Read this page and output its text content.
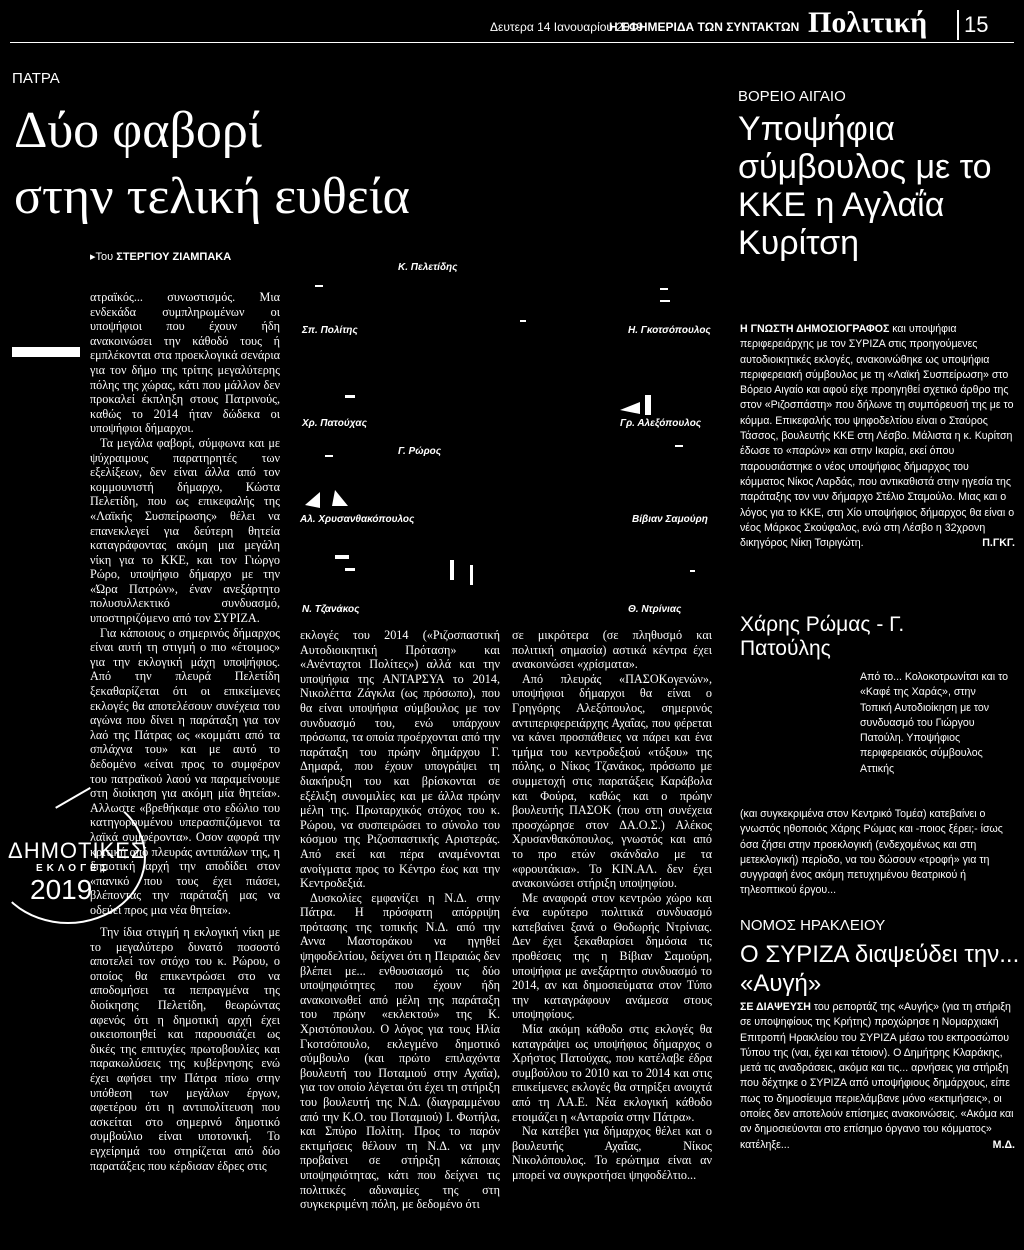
Δευτερα 14 Ιανουαρίου 2019
Η ΕΦΗΜΕΡΙΔΑ ΤΩΝ ΣΥΝΤΑΚΤΩΝ Πολιτική 15
ΠΑΤΡΑ
Δύο φαβορί
στην τελική ευθεία
▸Του ΣΤΕΡΓΙΟΥ ΖΙΑΜΠΑΚΑ

ατραϊκός... συνωστισμός. Μια ενδεκάδα συμπληρωμένων οι υποψήφιοι που έχουν ήδη ανακοινώσει την κάθοδό τους ή εμπλέκονται στα προεκλογικά σενάρια για τον δήμο της τρίτης μεγαλύτερης πόλης της χώρας, κάτι που μάλλον δεν προκαλεί έκπληξη στους Πατρινούς, καθώς το 2014 ήταν δώδεκα οι υποψήφιοι δήμαρχοι.

Τα μεγάλα φαβορί, σύμφωνα και με ψύχραιμους παρατηρητές των εξελίξεων, δεν είναι άλλα από τον κομμουνιστή δήμαρχο, Κώστα Πελετίδη, που ως επικεφαλής της «Λαϊκής Συσπείρωσης» θέλει να επανεκλεγεί για δεύτερη θητεία καταγράφοντας ακόμη μια μεγάλη νίκη για το ΚΚΕ, και τον Γιώργο Ρώρο, υποψήφιο δήμαρχο με την «Ώρα Πατρών», έναν ανεξάρτητο πολυσυλλεκτικό συνδυασμό, υποστηριζόμενο από τον ΣΥΡΙΖΑ.

Για κάποιους ο σημερινός δήμαρχος είναι αυτή τη στιγμή ο πιο «έτοιμος» για την εκλογική μάχη υποψήφιος. Από την πλευρά Πελετίδη ξεκαθαρίζεται ότι οι επικείμενες εκλογές θα αποτελέσουν συνέχεια του αγώνα που δίνει η παράταξη για τον λαό της Πάτρας ως «κομμάτι από τα σπλάχνα του» και με αυτό το δεδομένο «είναι προς το συμφέρον του πατραϊκού λαού να παραμείνουμε στη διοίκηση για ακόμη μία θητεία». Αλλωστε «βρεθήκαμε στο εδώλιο του κατηγορουμένου υπερασπιζόμενοι τα λαϊκά συμφέροντα». Οσον αφορά την κριτική από πλευράς αντιπάλων της, η δημοτική αρχή την αποδίδει στον «πανικό που τους έχει πιάσει, βλέποντας την παράταξή μας να οδεύει προς μια νέα θητεία».

ΔΗΜΟΤΙΚΕΣ
ΕΚΛΟΓΕΣ
2019

Την ίδια στιγμή η εκλογική νίκη με το μεγαλύτερο δυνατό ποσοστό αποτελεί τον στόχο του κ. Ρώρου, ο οποίος θα επικεντρώσει στο να αποδομήσει τα πεπραγμένα της διοίκησης Πελετίδη, θεωρώντας αφενός ότι η δημοτική αρχή έχει οικειοποιηθεί και παρουσιάζει ως δικές της επιτυχίες πρωτοβουλίες και παρακωλύσεις της κυβέρνησης ενώ έχει αφήσει την Πάτρα πίσω στην υπόθεση των μεγάλων έργων, αφετέρου ότι η αντιπολίτευση που ασκείται στο σημερινό δημοτικό συμβούλιο είναι υποτονική. Το εγχείρημά του στηρίζεται από δύο παρατάξεις που κέρδισαν έδρες στις

Κ. Πελετίδης
Σπ. Πολίτης	Η. Γκοτσόπουλος
Χρ. Πατούχας
Γ. Ρώρος
Γρ. Αλεξόπουλος
Αλ. Χρυσανθακόπουλος	Βίβιαν Σαμούρη
Ν. Τζανάκος	Θ. Ντρίνιας

εκλογές του 2014 («Ριζοσπαστική Αυτοδιοικητική Πρόταση» και «Ανένταχτοι Πολίτες») αλλά και την υποψήφια της ΑΝΤΑΡΣΥΑ το 2014, Νικολέττα Ζάγκλα (ως πρόσωπο), που θα είναι υποψήφια σύμβουλος με τον συνδυασμό του, ενώ υπάρχουν πρόσωπα, τα οποία προέρχονται από την παράταξη του πρώην δημάρχου Γ. Δημαρά, που έχουν υπογράψει τη διακήρυξη του και βρίσκονται σε εξέλιξη συνομιλίες και με άλλα πρώην μέλη της. Πρωταρχικός στόχος του κ. Ρώρου, να συσπειρώσει το σύνολο του κόσμου της Ριζοσπαστικής Αριστεράς. Από εκεί και πέρα αναμένονται ανοίγματα προς το Κέντρο έως και την Κεντροδεξιά.

Δυσκολίες εμφανίζει η Ν.Δ. στην Πάτρα. Η πρόσφατη απόρριψη πρότασης της τοπικής Ν.Δ. από την Αννα Μαστοράκου να ηγηθεί ψηφοδελτίου, δείχνει ότι η Πειραιώς δεν βλέπει με... ενθουσιασμό τις δύο υποψηφιότητες που έχουν ήδη ανακοινωθεί από μέλη της παράταξη του πρώην «εκλεκτού» της Κ. Χριστόπουλου. Ο λόγος για τους Ηλία Γκοτσόπουλο, εκλεγμένο δημοτικό σύμβουλο (και πρώτο επιλαχόντα βουλευτή του Ποταμιού στην Αχαΐα), για τον οποίο λέγεται ότι έχει τη στήριξη του βουλευτή της Ν.Δ. (διαγραμμένου από την Κ.Ο. του Ποταμιού) Ι. Φωτήλα, και Σπύρο Πολίτη. Προς το παρόν εκτιμήσεις θέλουν τη Ν.Δ. να μην προβαίνει σε στήριξη κάποιας υποψηφιότητας, κάτι που δείχνει τις πολιτικές αδυναμίες της στη συγκεκριμένη πόλη, με δεδομένο ότι

σε μικρότερα (σε πληθυσμό και πολιτική σημασία) αστικά κέντρα έχει ανακοινώσει «χρίσματα».

Από πλευράς «ΠΑΣΟΚογενών», υποψήφιοι δήμαρχοι θα είναι ο Γρηγόρης Αλεξόπουλος, σημερινός αντιπεριφερειάρχης Αχαΐας, που φέρεται να κάνει προσπάθειες να πάρει και ένα τμήμα του κεντροδεξιού «τόξου» της πόλης, ο Νίκος Τζανάκος, πρόσωπο με συμμετοχή στις παρατάξεις Καράβολα και Φούρα, καθώς και ο πρώην βουλευτής ΠΑΣΟΚ (που στη συνέχεια προσχώρησε στον ΔΑ.Ο.Σ.) Αλέκος Χρυσανθακόπουλος, γνωστός και από το προ ετών σκάνδαλο με τα «φρουτάκια». Το ΚΙΝ.ΑΛ. δεν έχει ανακοινώσει στήριξη υποψηφίου.

Με αναφορά στον κεντρώο χώρο και ένα ευρύτερο πολιτικά συνδυασμό κατεβαίνει ξανά ο Θοδωρής Ντρίνιας. Δεν έχει ξεκαθαρίσει δημόσια τις προθέσεις της η Βίβιαν Σαμούρη, υποψήφια με ανεξάρτητο συνδυασμό το 2014, αν και δημοσιεύματα στον Τύπο την καταγράφουν ανάμεσα στους υποψηφίους.

Μία ακόμη κάθοδο στις εκλογές θα καταγράψει ως υποψήφιος δήμαρχος ο Χρήστος Πατούχας, που κατέλαβε έδρα συμβούλου το 2010 και το 2014 και στις επικείμενες εκλογές θα στηρίξει ανοιχτά από τη ΛΑ.Ε. Νέα εκλογική κάθοδο ετοιμάζει η «Ανταρσία στην Πάτρα».

Να κατέβει για δήμαρχος θέλει και ο βουλευτής Αχαΐας, Νίκος Νικολόπουλος. Το ερώτημα είναι αν μπορεί να συγκροτήσει ψηφοδέλτιο...

ΒΟΡΕΙΟ ΑΙΓΑΙΟ
Υποψήφια σύμβουλος με το ΚΚΕ η Αγλαΐα Κυρίτση
Η ΓΝΩΣΤΗ ΔΗΜΟΣΙΟΓΡΑΦΟΣ και υποψήφια περιφερειάρχης με τον ΣΥΡΙΖΑ στις προηγούμενες αυτοδιοικητικές εκλογές, ανακοινώθηκε ως υποψήφια περιφερειακή σύμβουλος με τη «Λαϊκή Συσπείρωση» στο Βόρειο Αιγαίο και αφού είχε προηγηθεί σχετικό άρθρο της στον «Ριζοσπάστη» που δήλωνε τη συμπόρευσή της με το κόμμα. Επικεφαλής του ψηφοδελτίου είναι ο Σταύρος Τάσσος, βουλευτής ΚΚΕ στη Λέσβο. Μάλιστα η κ. Κυρίτση έδωσε το «παρών» και στην Ικαρία, εκεί όπου παρουσιάστηκε ο νέος υποψήφιος δήμαρχος του κόμματος Νίκος Λαρδάς, που αντικαθιστά στην ηγεσία της παράταξης τον νυν δήμαρχο Στέλιο Σταμούλο. Μιας και ο λόγος για το ΚΚΕ, στη Χίο υποψήφιος δήμαρχος θα είναι ο νέος Μάρκος Σκούφαλος, ενώ στη Λέσβο η 32χρονη δικηγόρος Νίκη Τσιριγώτη.	Π.ΓΚΓ.
Χάρης Ρώμας - Γ. Πατούλης
Από το... Κολοκοτρωνίτσι και το «Καφέ της Χαράς», στην Τοπική Αυτοδιοίκηση με τον συνδυασμό του Γιώργου Πατούλη. Υποψήφιος περιφερειακός σύμβουλος Αττικής
(και συγκεκριμένα στον Κεντρικό Τομέα) κατεβαίνει ο γνωστός ηθοποιός Χάρης Ρώμας και -ποιος ξέρει;- ίσως όσα ζήσει στην προεκλογική (ενδεχομένως και στη μετεκλογική) περίοδο, να του δώσουν «τροφή» για τη συγγραφή ένος ακόμη πετυχημένου θεατρικού ή τηλεοπτικού έργου...
ΝΟΜΟΣ ΗΡΑΚΛΕΙΟΥ
Ο ΣΥΡΙΖΑ διαψεύδει την... «Αυγή»
ΣΕ ΔΙΑΨΕΥΣΗ του ρεπορτάζ της «Αυγής» (για τη στήριξη σε υποψηφίους της Κρήτης) προχώρησε η Νομαρχιακή Επιτροπή Ηρακλείου του ΣΥΡΙΖΑ μέσω του εκπροσώπου Τύπου της (ναι, έχει και τέτοιον). Ο Δημήτρης Κλαράκης, μετά τις αναδράσεις, ακόμα και τις... αρνήσεις για στήριξη που δέχτηκε ο ΣΥΡΙΖΑ από υποψήφιους δημάρχους, είπε πως το δημοσίευμα περιελάμβανε μόνο «εκτιμήσεις», οι οποίες δεν αποτελούν επίσημες ανακοινώσεις. «Ακόμα και αν δημοσιεύονται στο επίσημο όργανο του κόμματος» κατέληξε...	Μ.Δ.
